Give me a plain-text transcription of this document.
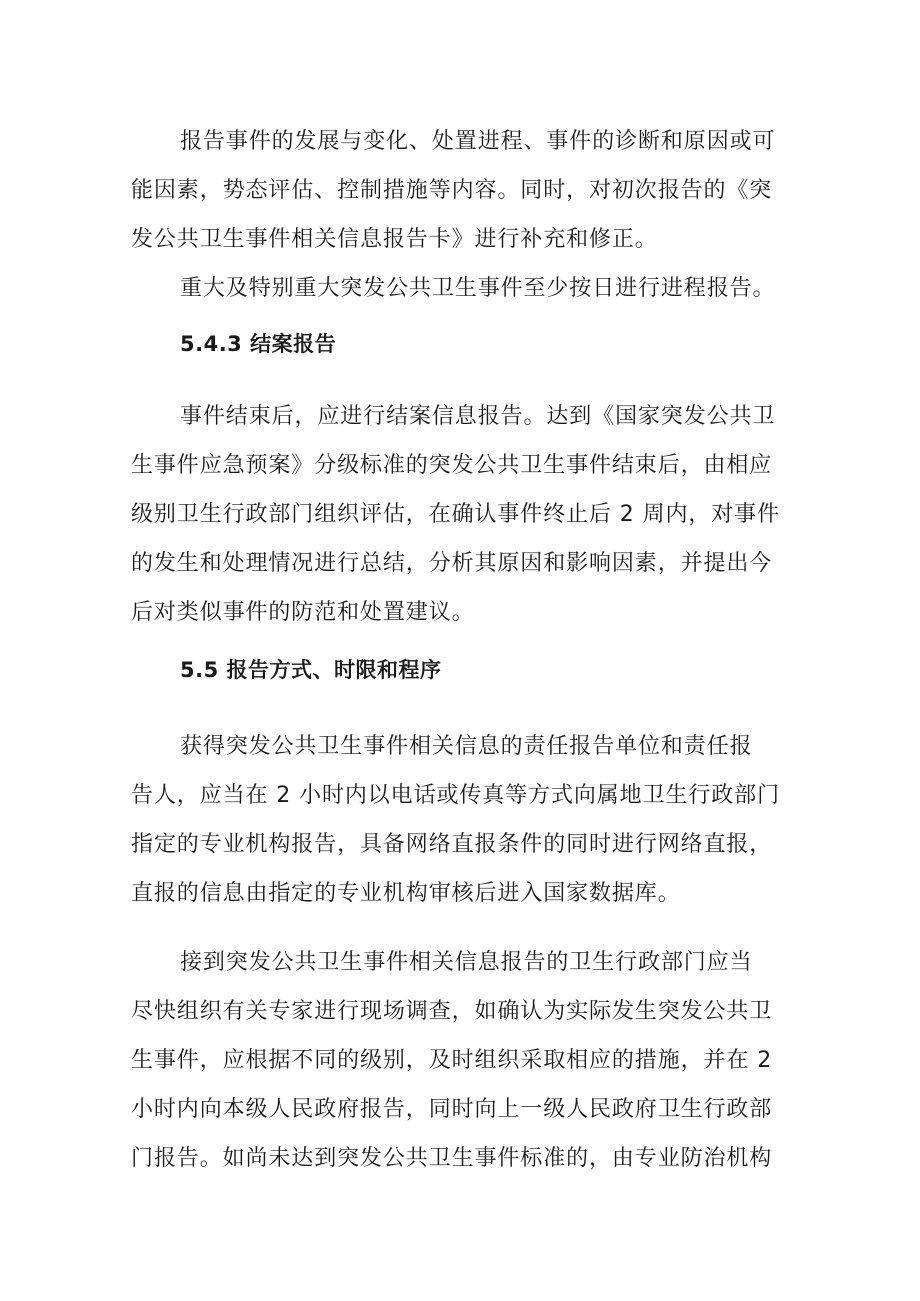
报告事件的发展与变化、处置进程、事件的诊断和原因或可
能因素，势态评估、控制措施等内容。同时，对初次报告的《突
发公共卫生事件相关信息报告卡》进行补充和修正。
重大及特别重大突发公共卫生事件至少按日进行进程报告。
5.4.3 结案报告
事件结束后，应进行结案信息报告。达到《国家突发公共卫
生事件应急预案》分级标准的突发公共卫生事件结束后，由相应
级别卫生行政部门组织评估，在确认事件终止后 2 周内，对事件
的发生和处理情况进行总结，分析其原因和影响因素，并提出今
后对类似事件的防范和处置建议。
5.5 报告方式、时限和程序
获得突发公共卫生事件相关信息的责任报告单位和责任报
告人，应当在 2 小时内以电话或传真等方式向属地卫生行政部门
指定的专业机构报告，具备网络直报条件的同时进行网络直报，
直报的信息由指定的专业机构审核后进入国家数据库。
接到突发公共卫生事件相关信息报告的卫生行政部门应当
尽快组织有关专家进行现场调查，如确认为实际发生突发公共卫
生事件，应根据不同的级别，及时组织采取相应的措施，并在 2
小时内向本级人民政府报告，同时向上一级人民政府卫生行政部
门报告。如尚未达到突发公共卫生事件标准的，由专业防治机构
